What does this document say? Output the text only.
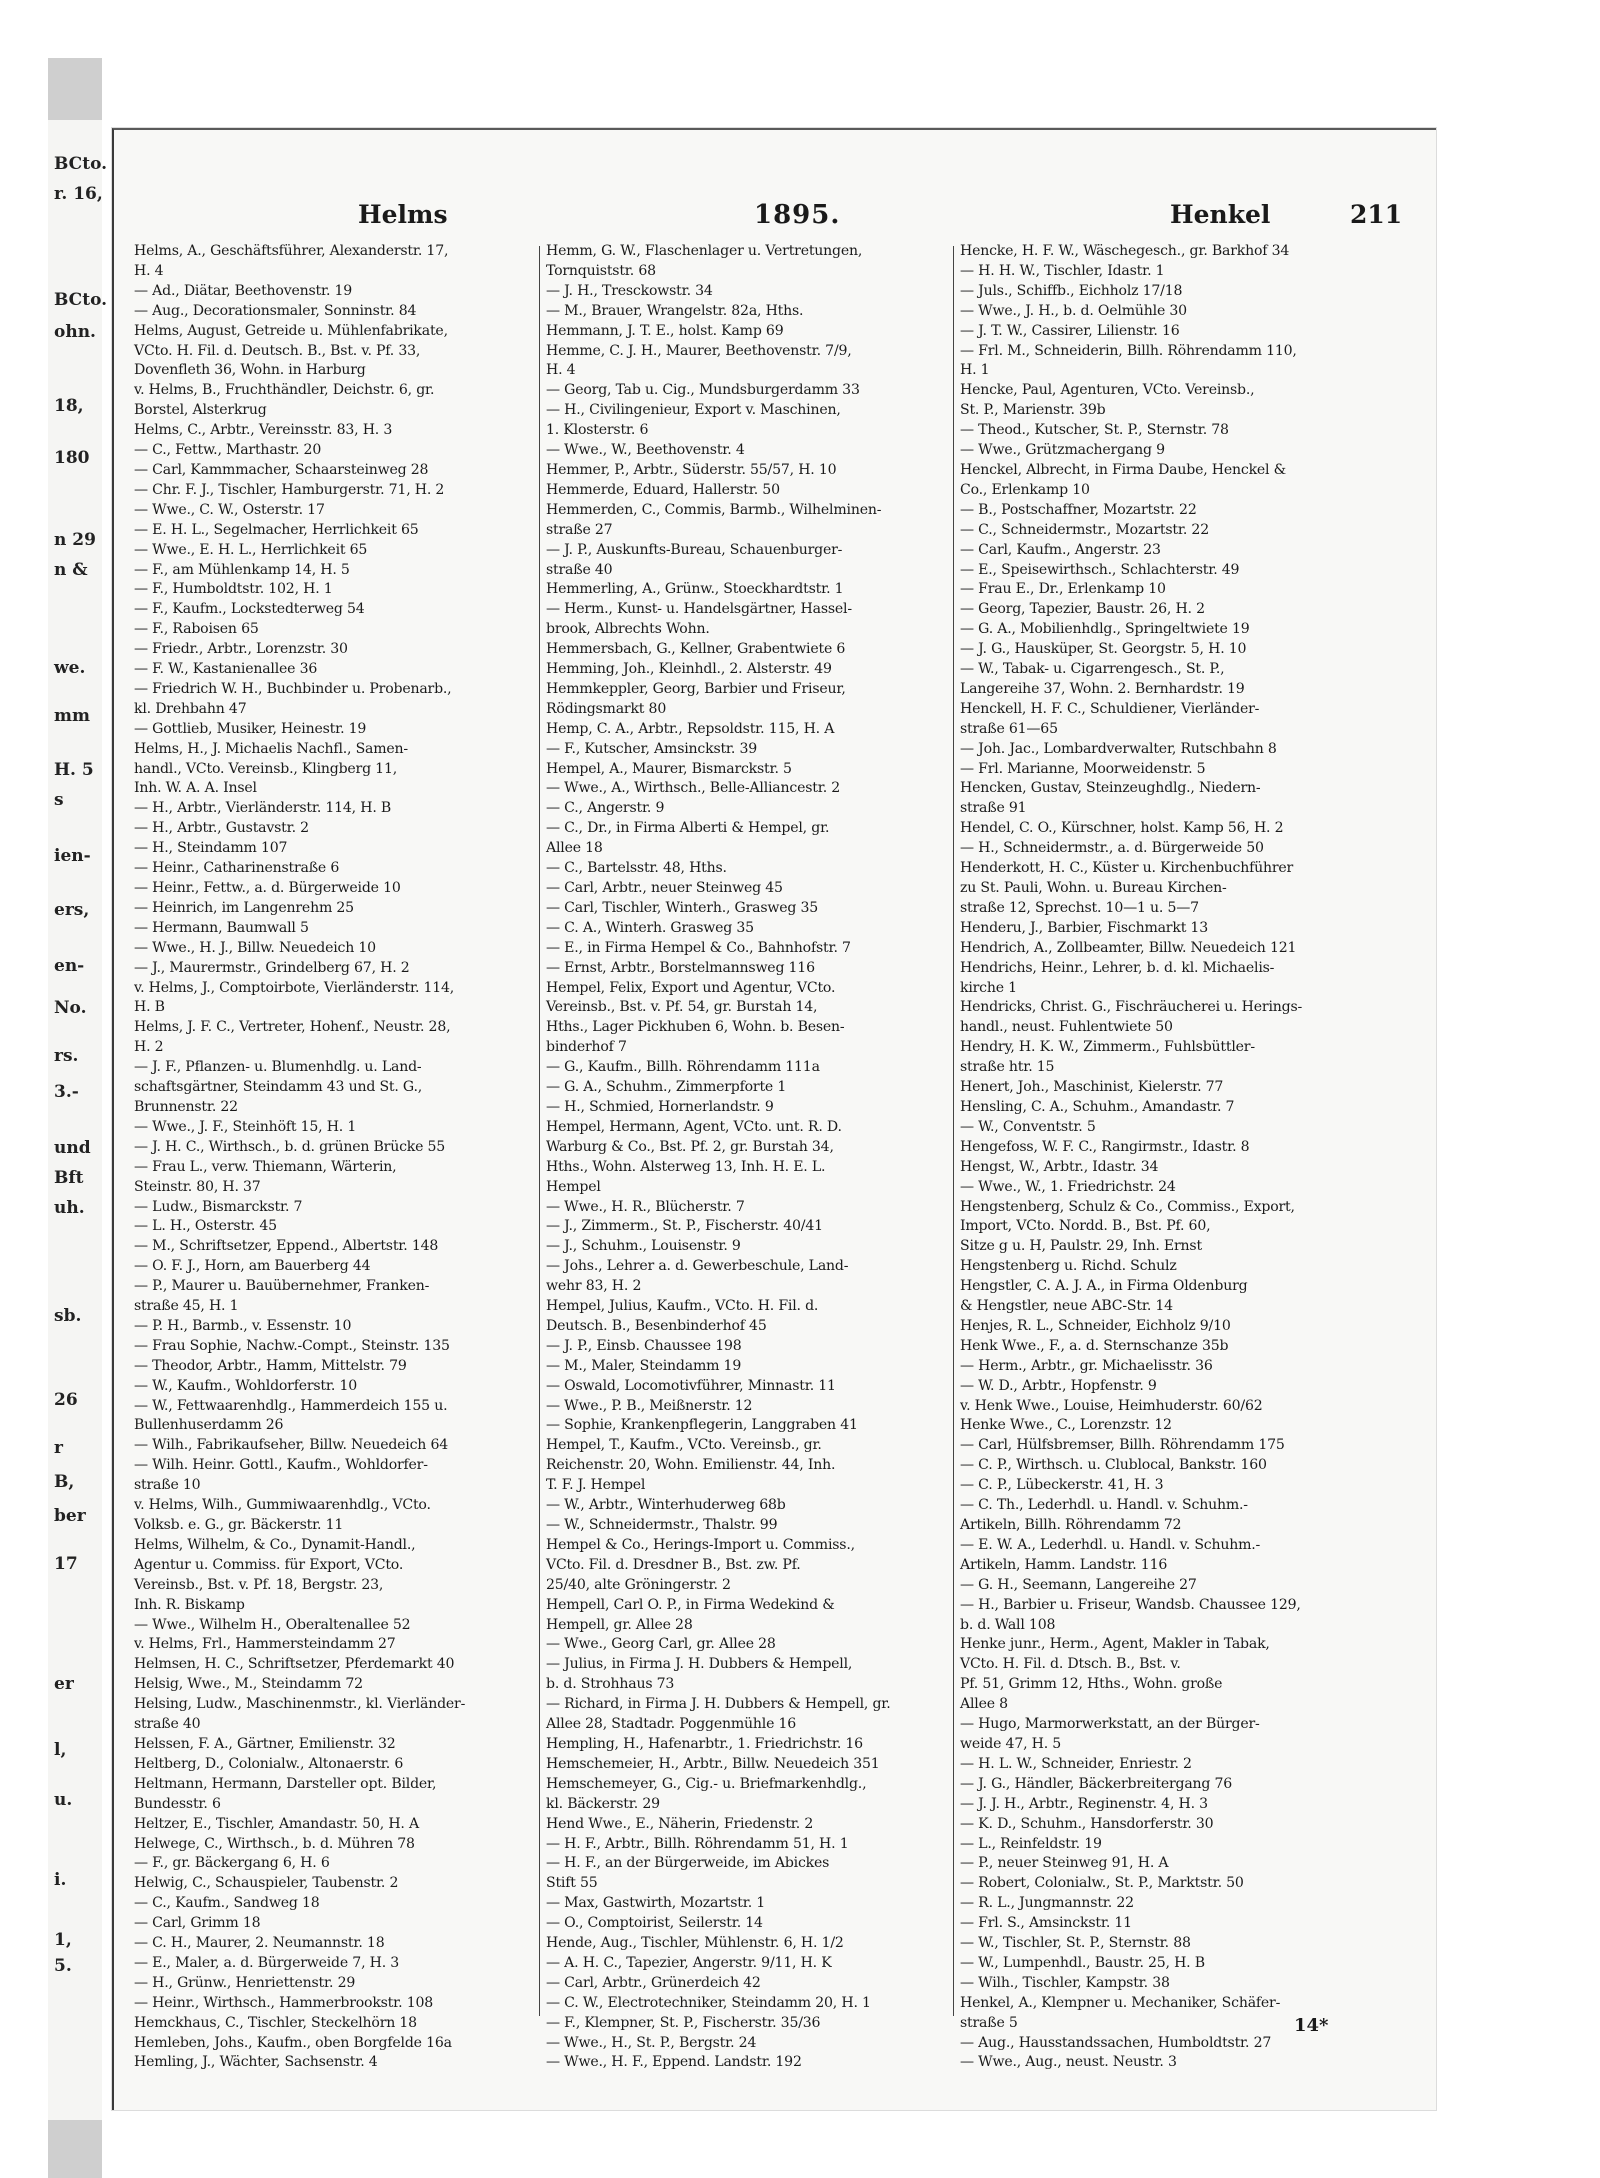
BCto.
r. 16,
BCto.
ohn.
18,
180
n 29
n &
we.
mm
H. 5
s
ien-
ers,
en-
No.
rs.
3.-
und
Bft
uh.
sb.
26
r
B,
ber
17
er
l,
u.
i.
1,
5.
Helms	1895.	Henkel	211
Helms, A., Geschäftsführer, Alexanderstr. 17,
H. 4
— Ad., Diätar, Beethovenstr. 19
— Aug., Decorationsmaler, Sonninstr. 84
Helms, August, Getreide u. Mühlenfabrikate,
VCto. H. Fil. d. Deutsch. B., Bst. v. Pf. 33,
Dovenfleth 36, Wohn. in Harburg
v. Helms, B., Fruchthändler, Deichstr. 6, gr.
Borstel, Alsterkrug
Helms, C., Arbtr., Vereinsstr. 83, H. 3
— C., Fettw., Marthastr. 20
— Carl, Kammmacher, Schaarsteinweg 28
— Chr. F. J., Tischler, Hamburgerstr. 71, H. 2
— Wwe., C. W., Osterstr. 17
— E. H. L., Segelmacher, Herrlichkeit 65
— Wwe., E. H. L., Herrlichkeit 65
— F., am Mühlenkamp 14, H. 5
— F., Humboldtstr. 102, H. 1
— F., Kaufm., Lockstedterweg 54
— F., Raboisen 65
— Friedr., Arbtr., Lorenzstr. 30
— F. W., Kastanienallee 36
— Friedrich W. H., Buchbinder u. Probenarb.,
kl. Drehbahn 47
— Gottlieb, Musiker, Heinestr. 19
Helms, H., J. Michaelis Nachfl., Samen-
handl., VCto. Vereinsb., Klingberg 11,
Inh. W. A. A. Insel
— H., Arbtr., Vierländerstr. 114, H. B
— H., Arbtr., Gustavstr. 2
— H., Steindamm 107
— Heinr., Catharinenstraße 6
— Heinr., Fettw., a. d. Bürgerweide 10
— Heinrich, im Langenrehm 25
— Hermann, Baumwall 5
— Wwe., H. J., Billw. Neuedeich 10
— J., Maurermstr., Grindelberg 67, H. 2
v. Helms, J., Comptoirbote, Vierländerstr. 114,
H. B
Helms, J. F. C., Vertreter, Hohenf., Neustr. 28,
H. 2
— J. F., Pflanzen- u. Blumenhdlg. u. Land-
schaftsgärtner, Steindamm 43 und St. G.,
Brunnenstr. 22
— Wwe., J. F., Steinhöft 15, H. 1
— J. H. C., Wirthsch., b. d. grünen Brücke 55
— Frau L., verw. Thiemann, Wärterin,
Steinstr. 80, H. 37
— Ludw., Bismarckstr. 7
— L. H., Osterstr. 45
— M., Schriftsetzer, Eppend., Albertstr. 148
— O. F. J., Horn, am Bauerberg 44
— P., Maurer u. Bauübernehmer, Franken-
straße 45, H. 1
— P. H., Barmb., v. Essenstr. 10
— Frau Sophie, Nachw.-Compt., Steinstr. 135
— Theodor, Arbtr., Hamm, Mittelstr. 79
— W., Kaufm., Wohldorferstr. 10
— W., Fettwaarenhdlg., Hammerdeich 155 u.
Bullenhuserdamm 26
— Wilh., Fabrikaufseher, Billw. Neuedeich 64
— Wilh. Heinr. Gottl., Kaufm., Wohldorfer-
straße 10
v. Helms, Wilh., Gummiwaarenhdlg., VCto.
Volksb. e. G., gr. Bäckerstr. 11
Helms, Wilhelm, & Co., Dynamit-Handl.,
Agentur u. Commiss. für Export, VCto.
Vereinsb., Bst. v. Pf. 18, Bergstr. 23,
Inh. R. Biskamp
— Wwe., Wilhelm H., Oberaltenallee 52
v. Helms, Frl., Hammersteindamm 27
Helmsen, H. C., Schriftsetzer, Pferdemarkt 40
Helsig, Wwe., M., Steindamm 72
Helsing, Ludw., Maschinenmstr., kl. Vierländer-
straße 40
Helssen, F. A., Gärtner, Emilienstr. 32
Heltberg, D., Colonialw., Altonaerstr. 6
Heltmann, Hermann, Darsteller opt. Bilder,
Bundesstr. 6
Heltzer, E., Tischler, Amandastr. 50, H. A
Helwege, C., Wirthsch., b. d. Mühren 78
— F., gr. Bäckergang 6, H. 6
Helwig, C., Schauspieler, Taubenstr. 2
— C., Kaufm., Sandweg 18
— Carl, Grimm 18
— C. H., Maurer, 2. Neumannstr. 18
— E., Maler, a. d. Bürgerweide 7, H. 3
— H., Grünw., Henriettenstr. 29
— Heinr., Wirthsch., Hammerbrookstr. 108
Hemckhaus, C., Tischler, Steckelhörn 18
Hemleben, Johs., Kaufm., oben Borgfelde 16a
Hemling, J., Wächter, Sachsenstr. 4
Hemm, G. W., Flaschenlager u. Vertretungen,
Tornquiststr. 68
— J. H., Tresckowstr. 34
— M., Brauer, Wrangelstr. 82a, Hths.
Hemmann, J. T. E., holst. Kamp 69
Hemme, C. J. H., Maurer, Beethovenstr. 7/9,
H. 4
— Georg, Tab u. Cig., Mundsburgerdamm 33
— H., Civilingenieur, Export v. Maschinen,
1. Klosterstr. 6
— Wwe., W., Beethovenstr. 4
Hemmer, P., Arbtr., Süderstr. 55/57, H. 10
Hemmerde, Eduard, Hallerstr. 50
Hemmerden, C., Commis, Barmb., Wilhelminen-
straße 27
— J. P., Auskunfts-Bureau, Schauenburger-
straße 40
Hemmerling, A., Grünw., Stoeckhardtstr. 1
— Herm., Kunst- u. Handelsgärtner, Hassel-
brook, Albrechts Wohn.
Hemmersbach, G., Kellner, Grabentwiete 6
Hemming, Joh., Kleinhdl., 2. Alsterstr. 49
Hemmkeppler, Georg, Barbier und Friseur,
Rödingsmarkt 80
Hemp, C. A., Arbtr., Repsoldstr. 115, H. A
— F., Kutscher, Amsinckstr. 39
Hempel, A., Maurer, Bismarckstr. 5
— Wwe., A., Wirthsch., Belle-Alliancestr. 2
— C., Angerstr. 9
— C., Dr., in Firma Alberti & Hempel, gr.
Allee 18
— C., Bartelsstr. 48, Hths.
— Carl, Arbtr., neuer Steinweg 45
— Carl, Tischler, Winterh., Grasweg 35
— C. A., Winterh. Grasweg 35
— E., in Firma Hempel & Co., Bahnhofstr. 7
— Ernst, Arbtr., Borstelmannsweg 116
Hempel, Felix, Export und Agentur, VCto.
Vereinsb., Bst. v. Pf. 54, gr. Burstah 14,
Hths., Lager Pickhuben 6, Wohn. b. Besen-
binderhof 7
— G., Kaufm., Billh. Röhrendamm 111a
— G. A., Schuhm., Zimmerpforte 1
— H., Schmied, Hornerlandstr. 9
Hempel, Hermann, Agent, VCto. unt. R. D.
Warburg & Co., Bst. Pf. 2, gr. Burstah 34,
Hths., Wohn. Alsterweg 13, Inh. H. E. L.
Hempel
— Wwe., H. R., Blücherstr. 7
— J., Zimmerm., St. P., Fischerstr. 40/41
— J., Schuhm., Louisenstr. 9
— Johs., Lehrer a. d. Gewerbeschule, Land-
wehr 83, H. 2
Hempel, Julius, Kaufm., VCto. H. Fil. d.
Deutsch. B., Besenbinderhof 45
— J. P., Einsb. Chaussee 198
— M., Maler, Steindamm 19
— Oswald, Locomotivführer, Minnastr. 11
— Wwe., P. B., Meißnerstr. 12
— Sophie, Krankenpflegerin, Langgraben 41
Hempel, T., Kaufm., VCto. Vereinsb., gr.
Reichenstr. 20, Wohn. Emilienstr. 44, Inh.
T. F. J. Hempel
— W., Arbtr., Winterhuderweg 68b
— W., Schneidermstr., Thalstr. 99
Hempel & Co., Herings-Import u. Commiss.,
VCto. Fil. d. Dresdner B., Bst. zw. Pf.
25/40, alte Gröningerstr. 2
Hempell, Carl O. P., in Firma Wedekind &
Hempell, gr. Allee 28
— Wwe., Georg Carl, gr. Allee 28
— Julius, in Firma J. H. Dubbers & Hempell,
b. d. Strohhaus 73
— Richard, in Firma J. H. Dubbers & Hempell, gr.
Allee 28, Stadtadr. Poggenmühle 16
Hempling, H., Hafenarbtr., 1. Friedrichstr. 16
Hemschemeier, H., Arbtr., Billw. Neuedeich 351
Hemschemeyer, G., Cig.- u. Briefmarkenhdlg.,
kl. Bäckerstr. 29
Hend Wwe., E., Näherin, Friedenstr. 2
— H. F., Arbtr., Billh. Röhrendamm 51, H. 1
— H. F., an der Bürgerweide, im Abickes
Stift 55
— Max, Gastwirth, Mozartstr. 1
— O., Comptoirist, Seilerstr. 14
Hende, Aug., Tischler, Mühlenstr. 6, H. 1/2
— A. H. C., Tapezier, Angerstr. 9/11, H. K
— Carl, Arbtr., Grünerdeich 42
— C. W., Electrotechniker, Steindamm 20, H. 1
— F., Klempner, St. P., Fischerstr. 35/36
— Wwe., H., St. P., Bergstr. 24
— Wwe., H. F., Eppend. Landstr. 192
Hencke, H. F. W., Wäschegesch., gr. Barkhof 34
— H. H. W., Tischler, Idastr. 1
— Juls., Schiffb., Eichholz 17/18
— Wwe., J. H., b. d. Oelmühle 30
— J. T. W., Cassirer, Lilienstr. 16
— Frl. M., Schneiderin, Billh. Röhrendamm 110,
H. 1
Hencke, Paul, Agenturen, VCto. Vereinsb.,
St. P., Marienstr. 39b
— Theod., Kutscher, St. P., Sternstr. 78
— Wwe., Grützmachergang 9
Henckel, Albrecht, in Firma Daube, Henckel &
Co., Erlenkamp 10
— B., Postschaffner, Mozartstr. 22
— C., Schneidermstr., Mozartstr. 22
— Carl, Kaufm., Angerstr. 23
— E., Speisewirthsch., Schlachterstr. 49
— Frau E., Dr., Erlenkamp 10
— Georg, Tapezier, Baustr. 26, H. 2
— G. A., Mobilienhdlg., Springeltwiete 19
— J. G., Hausküper, St. Georgstr. 5, H. 10
— W., Tabak- u. Cigarrengesch., St. P.,
Langereihe 37, Wohn. 2. Bernhardstr. 19
Henckell, H. F. C., Schuldiener, Vierländer-
straße 61—65
— Joh. Jac., Lombardverwalter, Rutschbahn 8
— Frl. Marianne, Moorweidenstr. 5
Hencken, Gustav, Steinzeughdlg., Niedern-
straße 91
Hendel, C. O., Kürschner, holst. Kamp 56, H. 2
— H., Schneidermstr., a. d. Bürgerweide 50
Henderkott, H. C., Küster u. Kirchenbuchführer
zu St. Pauli, Wohn. u. Bureau Kirchen-
straße 12, Sprechst. 10—1 u. 5—7
Henderu, J., Barbier, Fischmarkt 13
Hendrich, A., Zollbeamter, Billw. Neuedeich 121
Hendrichs, Heinr., Lehrer, b. d. kl. Michaelis-
kirche 1
Hendricks, Christ. G., Fischräucherei u. Herings-
handl., neust. Fuhlentwiete 50
Hendry, H. K. W., Zimmerm., Fuhlsbüttler-
straße htr. 15
Henert, Joh., Maschinist, Kielerstr. 77
Hensling, C. A., Schuhm., Amandastr. 7
— W., Conventstr. 5
Hengefoss, W. F. C., Rangirmstr., Idastr. 8
Hengst, W., Arbtr., Idastr. 34
— Wwe., W., 1. Friedrichstr. 24
Hengstenberg, Schulz & Co., Commiss., Export,
Import, VCto. Nordd. B., Bst. Pf. 60,
Sitze g u. H, Paulstr. 29, Inh. Ernst
Hengstenberg u. Richd. Schulz
Hengstler, C. A. J. A., in Firma Oldenburg
& Hengstler, neue ABC-Str. 14
Henjes, R. L., Schneider, Eichholz 9/10
Henk Wwe., F., a. d. Sternschanze 35b
— Herm., Arbtr., gr. Michaelisstr. 36
— W. D., Arbtr., Hopfenstr. 9
v. Henk Wwe., Louise, Heimhuderstr. 60/62
Henke Wwe., C., Lorenzstr. 12
— Carl, Hülfsbremser, Billh. Röhrendamm 175
— C. P., Wirthsch. u. Clublocal, Bankstr. 160
— C. P., Lübeckerstr. 41, H. 3
— C. Th., Lederhdl. u. Handl. v. Schuhm.-
Artikeln, Billh. Röhrendamm 72
— E. W. A., Lederhdl. u. Handl. v. Schuhm.-
Artikeln, Hamm. Landstr. 116
— G. H., Seemann, Langereihe 27
— H., Barbier u. Friseur, Wandsb. Chaussee 129,
b. d. Wall 108
Henke junr., Herm., Agent, Makler in Tabak,
VCto. H. Fil. d. Dtsch. B., Bst. v.
Pf. 51, Grimm 12, Hths., Wohn. große
Allee 8
— Hugo, Marmorwerkstatt, an der Bürger-
weide 47, H. 5
— H. L. W., Schneider, Enriestr. 2
— J. G., Händler, Bäckerbreitergang 76
— J. J. H., Arbtr., Reginenstr. 4, H. 3
— K. D., Schuhm., Hansdorferstr. 30
— L., Reinfeldstr. 19
— P., neuer Steinweg 91, H. A
— Robert, Colonialw., St. P., Marktstr. 50
— R. L., Jungmannstr. 22
— Frl. S., Amsinckstr. 11
— W., Tischler, St. P., Sternstr. 88
— W., Lumpenhdl., Baustr. 25, H. B
— Wilh., Tischler, Kampstr. 38
Henkel, A., Klempner u. Mechaniker, Schäfer-
straße 5
— Aug., Hausstandssachen, Humboldtstr. 27
— Wwe., Aug., neust. Neustr. 3
14*
